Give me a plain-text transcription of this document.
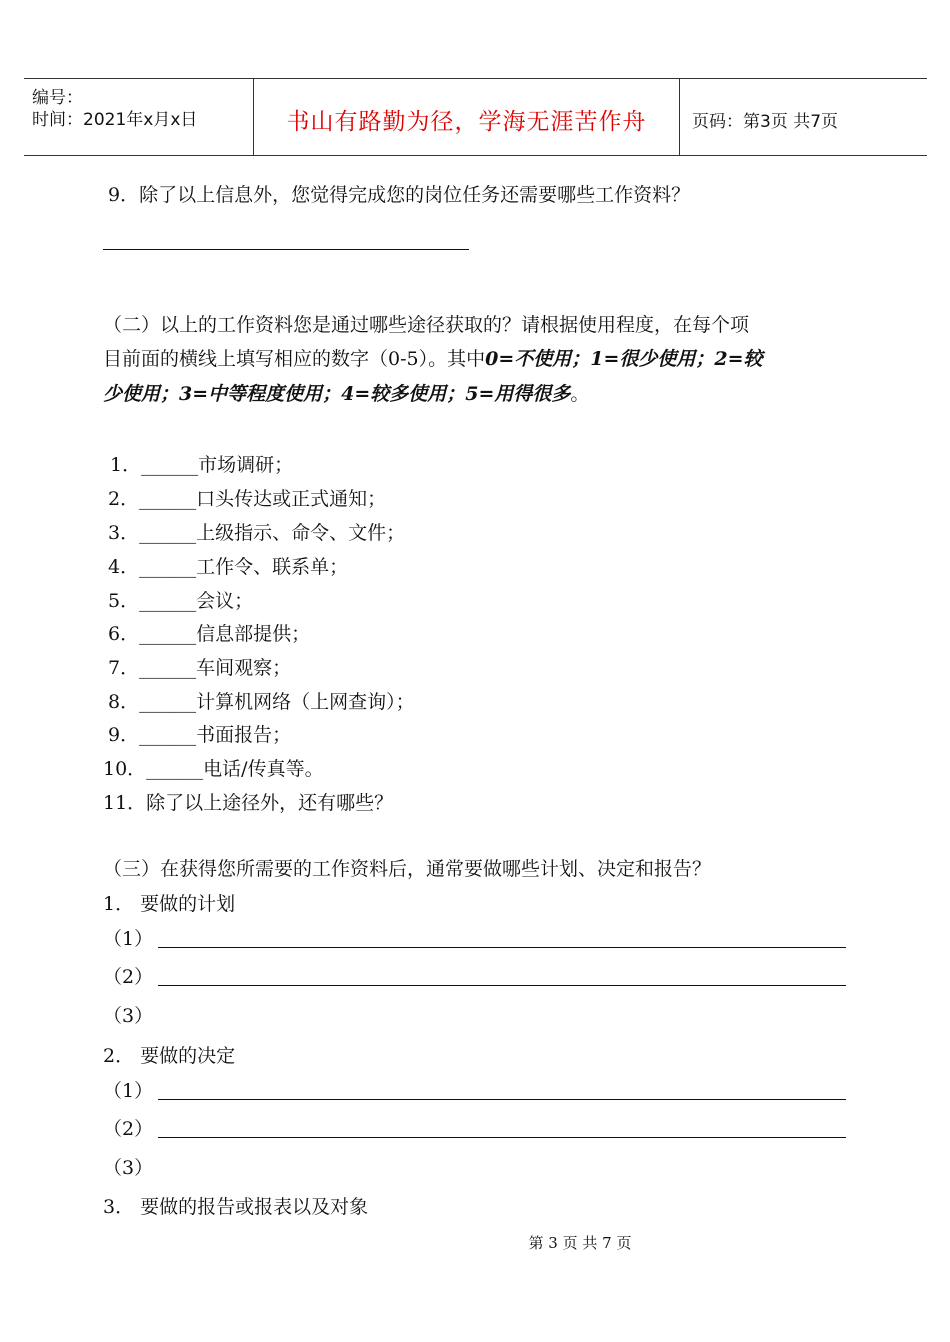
编号：
时间：2021年x月x日	书山有路勤为径，学海无涯苦作舟	页码：第3页 共7页
9．除了以上信息外，您觉得完成您的岗位任务还需要哪些工作资料？
（二）以上的工作资料您是通过哪些途径获取的？请根据使用程度，在每个项
目前面的横线上填写相应的数字（0-5）。其中0=不使用；1=很少使用；2=较
少使用；3=中等程度使用；4=较多使用；5=用得很多。
1．______市场调研；
2．______口头传达或正式通知；
3．______上级指示、命令、文件；
4．______工作令、联系单；
5．______会议；
6．______信息部提供；
7．______车间观察；
8．______计算机网络（上网查询）；
9．______书面报告；
10．______电话/传真等。
11．除了以上途径外，还有哪些？
（三）在获得您所需要的工作资料后，通常要做哪些计划、决定和报告？
1． 要做的计划
（1）
（2）
（3）
2． 要做的决定
（1）
（2）
（3）
3． 要做的报告或报表以及对象
第 3 页 共 7 页
